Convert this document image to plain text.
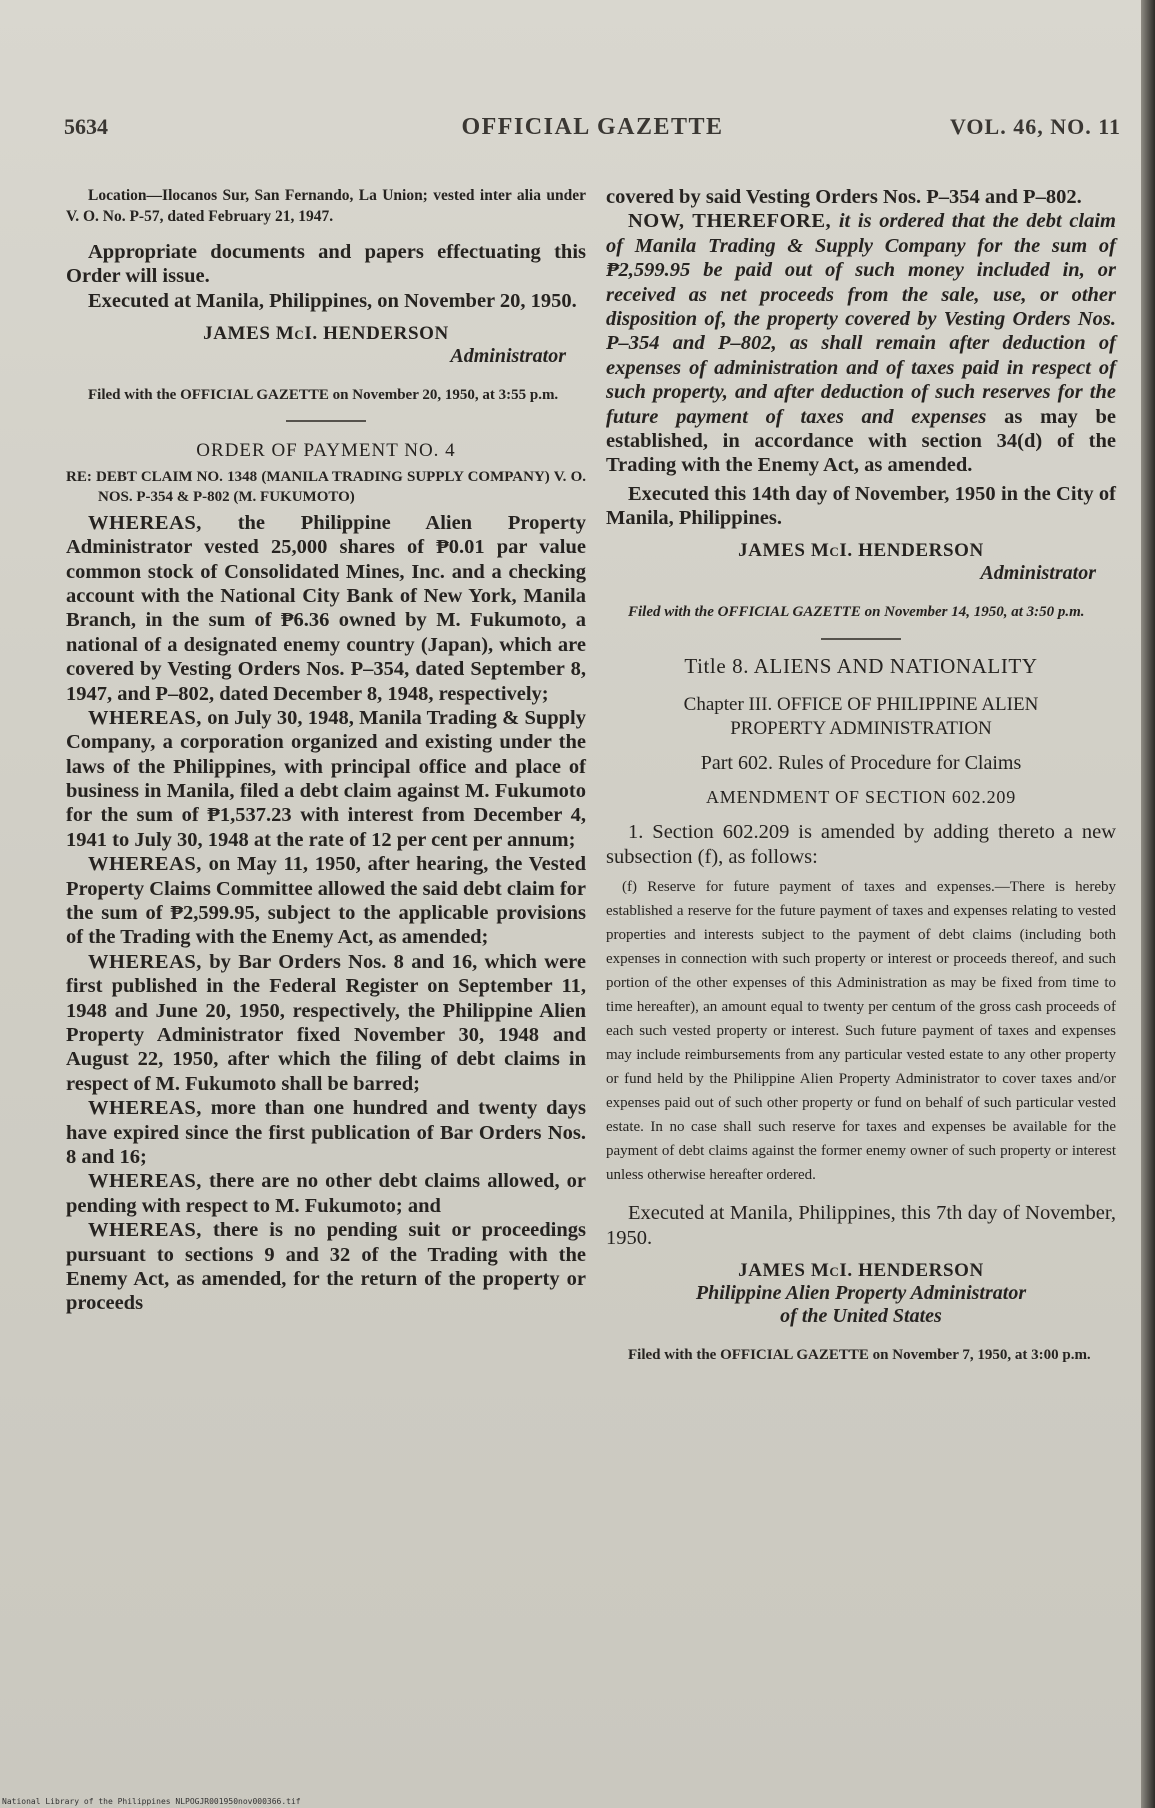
5634	OFFICIAL GAZETTE	VOL. 46, NO. 11

Location—Ilocanos Sur, San Fernando, La Union; vested inter alia under V. O. No. P-57, dated February 21, 1947.

Appropriate documents and papers effectuating this Order will issue.

Executed at Manila, Philippines, on November 20, 1950.

JAMES McI. HENDERSON

Administrator

Filed with the OFFICIAL GAZETTE on November 20, 1950, at 3:55 p.m.

ORDER OF PAYMENT NO. 4

RE: DEBT CLAIM NO. 1348 (MANILA TRADING SUPPLY COMPANY) V. O. NOS. P-354 & P-802 (M. FUKUMOTO)

WHEREAS, the Philippine Alien Property Administrator vested 25,000 shares of ₱0.01 par value common stock of Consolidated Mines, Inc. and a checking account with the National City Bank of New York, Manila Branch, in the sum of ₱6.36 owned by M. Fukumoto, a national of a designated enemy country (Japan), which are covered by Vesting Orders Nos. P–354, dated September 8, 1947, and P–802, dated December 8, 1948, respectively;

WHEREAS, on July 30, 1948, Manila Trading & Supply Company, a corporation organized and existing under the laws of the Philippines, with principal office and place of business in Manila, filed a debt claim against M. Fukumoto for the sum of ₱1,537.23 with interest from December 4, 1941 to July 30, 1948 at the rate of 12 per cent per annum;

WHEREAS, on May 11, 1950, after hearing, the Vested Property Claims Committee allowed the said debt claim for the sum of ₱2,599.95, subject to the applicable provisions of the Trading with the Enemy Act, as amended;

WHEREAS, by Bar Orders Nos. 8 and 16, which were first published in the Federal Register on September 11, 1948 and June 20, 1950, respectively, the Philippine Alien Property Administrator fixed November 30, 1948 and August 22, 1950, after which the filing of debt claims in respect of M. Fukumoto shall be barred;

WHEREAS, more than one hundred and twenty days have expired since the first publication of Bar Orders Nos. 8 and 16;

WHEREAS, there are no other debt claims allowed, or pending with respect to M. Fukumoto; and

WHEREAS, there is no pending suit or proceedings pursuant to sections 9 and 32 of the Trading with the Enemy Act, as amended, for the return of the property or proceeds

covered by said Vesting Orders Nos. P–354 and P–802.

NOW, THEREFORE, it is ordered that the debt claim of Manila Trading & Supply Company for the sum of ₱2,599.95 be paid out of such money included in, or received as net proceeds from the sale, use, or other disposition of, the property covered by Vesting Orders Nos. P–354 and P–802, as shall remain after deduction of expenses of administration and of taxes paid in respect of such property, and after deduction of such reserves for the future payment of taxes and expenses as may be established, in accordance with section 34(d) of the Trading with the Enemy Act, as amended.

Executed this 14th day of November, 1950 in the City of Manila, Philippines.

JAMES McI. HENDERSON

Administrator

Filed with the OFFICIAL GAZETTE on November 14, 1950, at 3:50 p.m.

Title 8. ALIENS AND NATIONALITY

Chapter III. OFFICE OF PHILIPPINE ALIEN
PROPERTY ADMINISTRATION

Part 602. Rules of Procedure for Claims

AMENDMENT OF SECTION 602.209

1. Section 602.209 is amended by adding thereto a new subsection (f), as follows:

(f) Reserve for future payment of taxes and expenses.—There is hereby established a reserve for the future payment of taxes and expenses relating to vested properties and interests subject to the payment of debt claims (including both expenses in connection with such property or interest or proceeds thereof, and such portion of the other expenses of this Administration as may be fixed from time to time hereafter), an amount equal to twenty per centum of the gross cash proceeds of each such vested property or interest. Such future payment of taxes and expenses may include reimbursements from any particular vested estate to any other property or fund held by the Philippine Alien Property Administrator to cover taxes and/or expenses paid out of such other property or fund on behalf of such particular vested estate. In no case shall such reserve for taxes and expenses be available for the payment of debt claims against the former enemy owner of such property or interest unless otherwise hereafter ordered.

Executed at Manila, Philippines, this 7th day of November, 1950.

JAMES McI. HENDERSON

Philippine Alien Property Administrator

of the United States

Filed with the OFFICIAL GAZETTE on November 7, 1950, at 3:00 p.m.

National Library of the Philippines NLPOGJR001950nov000366.tif
